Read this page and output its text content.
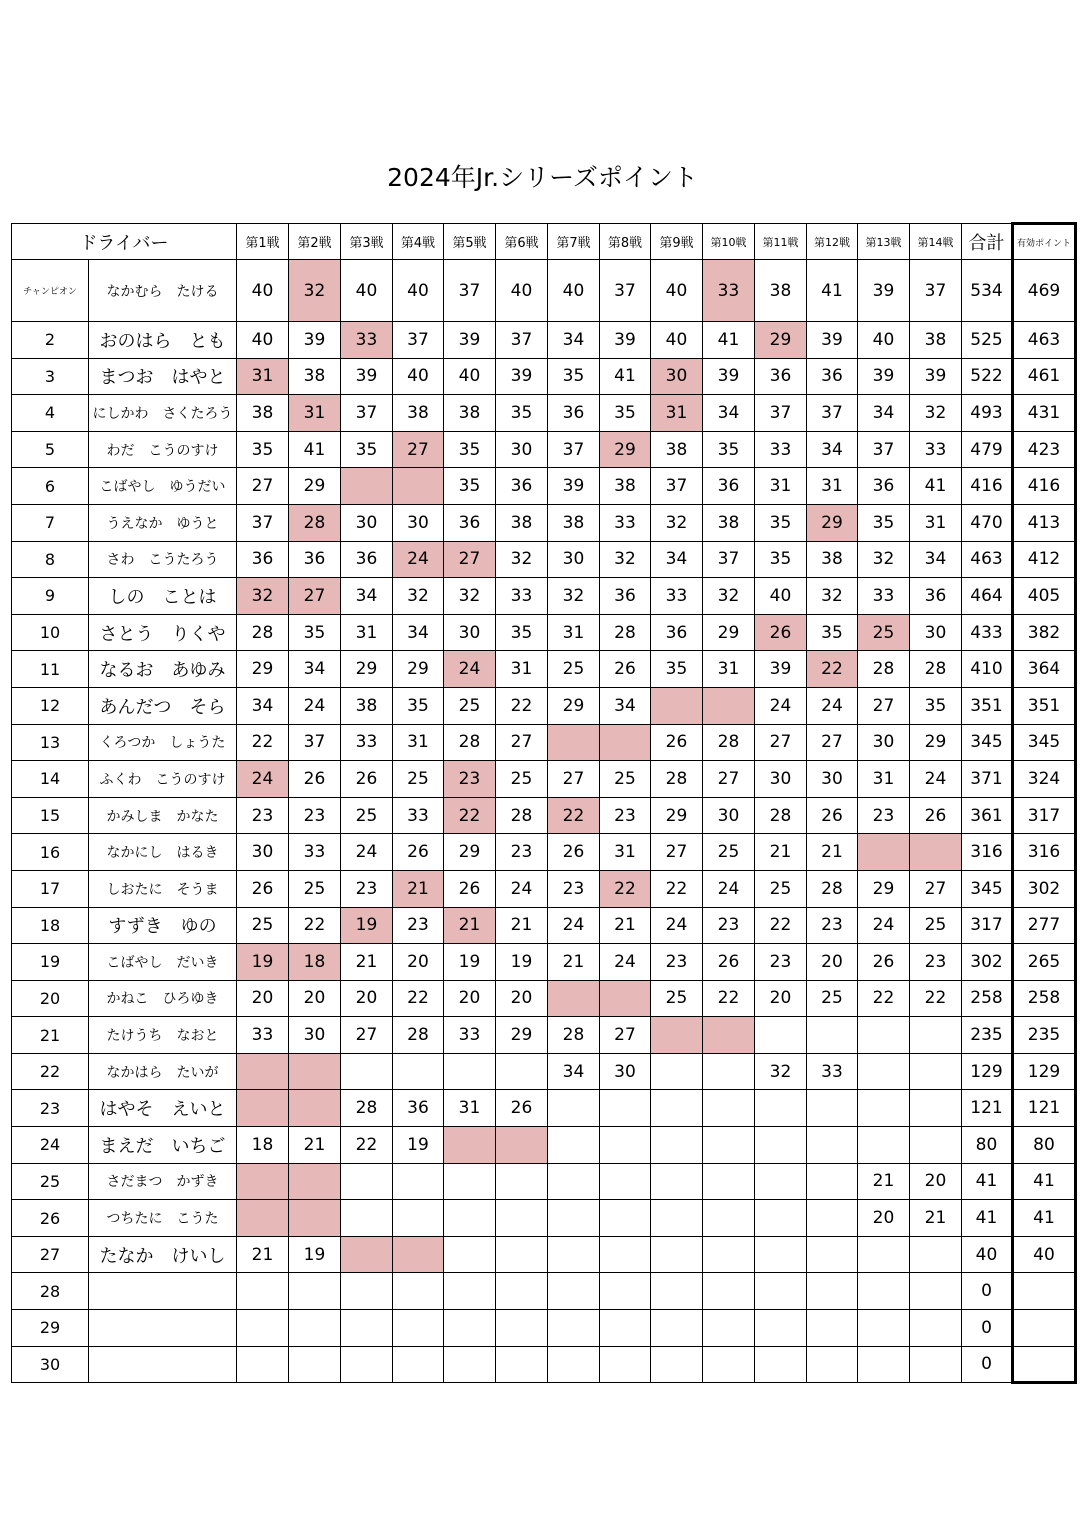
2024年Jr.シリーズポイント
ドライバー		第1戦	第2戦	第3戦	第4戦	第5戦	第6戦	第7戦	第8戦	第9戦	第10戦	第11戦	第12戦	第13戦	第14戦	合計	有効ポイント
チャンピオン	なかむら　たける	40	32	40	40	37	40	40	37	40	33	38	41	39	37	534	469
2	おのはら　とも	40	39	33	37	39	37	34	39	40	41	29	39	40	38	525	463
3	まつお　はやと	31	38	39	40	40	39	35	41	30	39	36	36	39	39	522	461
4	にしかわ　さくたろう	38	31	37	38	38	35	36	35	31	34	37	37	34	32	493	431
5	わだ　こうのすけ	35	41	35	27	35	30	37	29	38	35	33	34	37	33	479	423
6	こばやし　ゆうだい	27	29			35	36	39	38	37	36	31	31	36	41	416	416
7	うえなか　ゆうと	37	28	30	30	36	38	38	33	32	38	35	29	35	31	470	413
8	さわ　こうたろう	36	36	36	24	27	32	30	32	34	37	35	38	32	34	463	412
9	しの　ことは	32	27	34	32	32	33	32	36	33	32	40	32	33	36	464	405
10	さとう　りくや	28	35	31	34	30	35	31	28	36	29	26	35	25	30	433	382
11	なるお　あゆみ	29	34	29	29	24	31	25	26	35	31	39	22	28	28	410	364
12	あんだつ　そら	34	24	38	35	25	22	29	34			24	24	27	35	351	351
13	くろつか　しょうた	22	37	33	31	28	27			26	28	27	27	30	29	345	345
14	ふくわ　こうのすけ	24	26	26	25	23	25	27	25	28	27	30	30	31	24	371	324
15	かみしま　かなた	23	23	25	33	22	28	22	23	29	30	28	26	23	26	361	317
16	なかにし　はるき	30	33	24	26	29	23	26	31	27	25	21	21			316	316
17	しおたに　そうま	26	25	23	21	26	24	23	22	22	24	25	28	29	27	345	302
18	すずき　ゆの	25	22	19	23	21	21	24	21	24	23	22	23	24	25	317	277
19	こばやし　だいき	19	18	21	20	19	19	21	24	23	26	23	20	26	23	302	265
20	かねこ　ひろゆき	20	20	20	22	20	20			25	22	20	25	22	22	258	258
21	たけうち　なおと	33	30	27	28	33	29	28	27							235	235
22	なかはら　たいが							34	30			32	33			129	129
23	はやそ　えいと			28	36	31	26									121	121
24	まえだ　いちご	18	21	22	19											80	80
25	さだまつ　かずき													21	20	41	41
26	つちたに　こうた													20	21	41	41
27	たなか　けいし	21	19													40	40
28																0	
29																0	
30																0	
